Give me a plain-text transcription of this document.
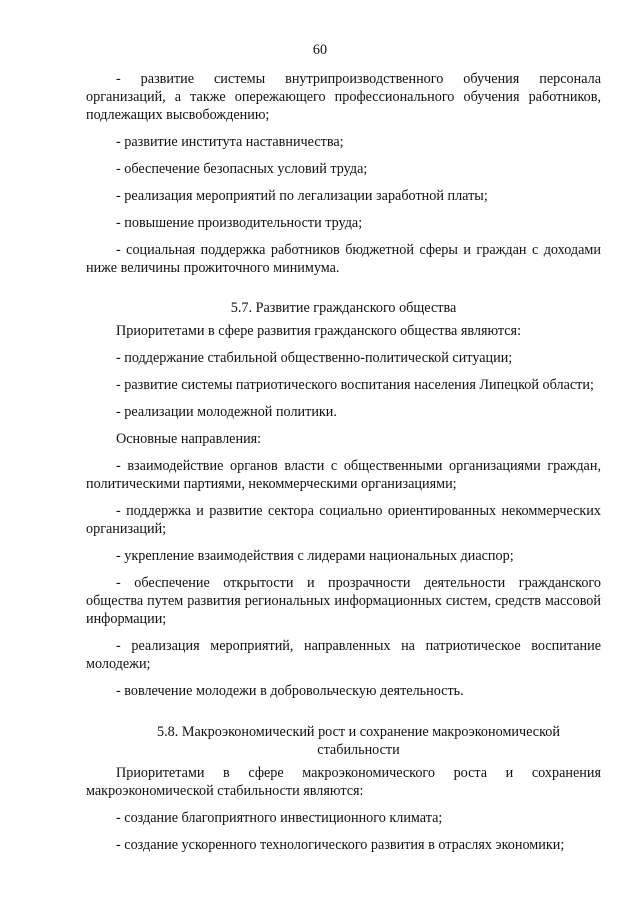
60

- развитие системы внутрипроизводственного обучения персонала организаций, а также опережающего профессионального обучения работников, подлежащих высвобождению;

- развитие института наставничества;

- обеспечение безопасных условий труда;

- реализация мероприятий по легализации заработной платы;

- повышение производительности труда;

- социальная поддержка работников бюджетной сферы и граждан с доходами ниже величины прожиточного минимума.

5.7. Развитие гражданского общества

Приоритетами в сфере развития гражданского общества являются:

- поддержание стабильной общественно-политической ситуации;

- развитие системы патриотического воспитания населения Липецкой области;

- реализации молодежной политики.

Основные направления:

- взаимодействие органов власти с общественными организациями граждан, политическими партиями, некоммерческими организациями;

- поддержка и развитие сектора социально ориентированных некоммерческих организаций;

- укрепление взаимодействия с лидерами национальных диаспор;

- обеспечение открытости и прозрачности деятельности гражданского общества путем развития региональных информационных систем, средств массовой информации;

- реализация мероприятий, направленных на патриотическое воспитание молодежи;

- вовлечение молодежи в добровольческую деятельность.

5.8. Макроэкономический рост и сохранение макроэкономической стабильности

Приоритетами в сфере макроэкономического роста и сохранения макроэкономической стабильности являются:

- создание благоприятного инвестиционного климата;

- создание ускоренного технологического развития в отраслях экономики;
